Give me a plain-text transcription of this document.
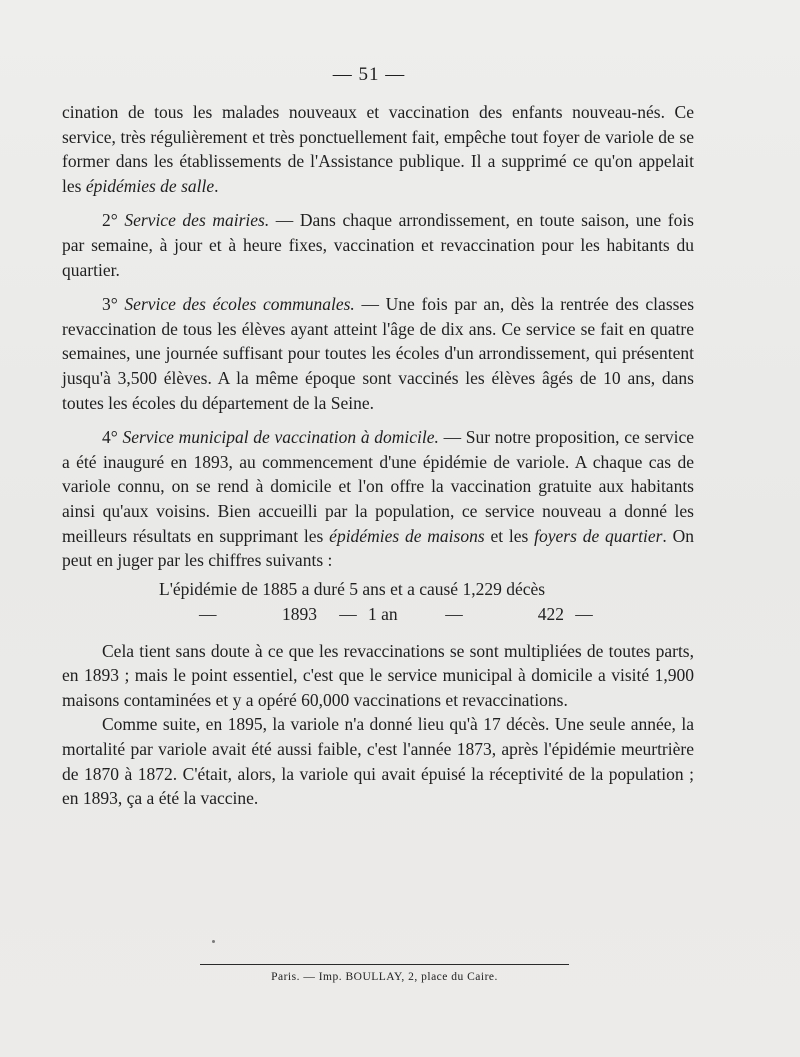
— 51 —

cination de tous les malades nouveaux et vaccination des enfants nouveau-nés. Ce service, très régulièrement et très ponctuellement fait, empêche tout foyer de variole de se former dans les établissements de l'Assistance publique. Il a supprimé ce qu'on appelait les épidémies de salle.

2° Service des mairies. — Dans chaque arrondissement, en toute saison, une fois par semaine, à jour et à heure fixes, vaccination et revaccination pour les habitants du quartier.

3° Service des écoles communales. — Une fois par an, dès la rentrée des classes revaccination de tous les élèves ayant atteint l'âge de dix ans. Ce service se fait en quatre semaines, une journée suffisant pour toutes les écoles d'un arrondissement, qui présentent jusqu'à 3,500 élèves. A la même époque sont vaccinés les élèves âgés de 10 ans, dans toutes les écoles du département de la Seine.

4° Service municipal de vaccination à domicile. — Sur notre proposition, ce service a été inauguré en 1893, au commencement d'une épidémie de variole. A chaque cas de variole connu, on se rend à domicile et l'on offre la vaccination gratuite aux habitants ainsi qu'aux voisins. Bien accueilli par la population, ce service nouveau a donné les meilleurs résultats en supprimant les épidémies de maisons et les foyers de quartier. On peut en juger par les chiffres suivants :

L'épidémie de 1885 a duré 5 ans et a causé 1,229 décès
—	1893	— 1 an	—	422 —

Cela tient sans doute à ce que les revaccinations se sont multipliées de toutes parts, en 1893 ; mais le point essentiel, c'est que le service municipal à domicile a visité 1,900 maisons contaminées et y a opéré 60,000 vaccinations et revaccinations.

Comme suite, en 1895, la variole n'a donné lieu qu'à 17 décès. Une seule année, la mortalité par variole avait été aussi faible, c'est l'année 1873, après l'épidémie meurtrière de 1870 à 1872. C'était, alors, la variole qui avait épuisé la réceptivité de la population ; en 1893, ça a été la vaccine.

Paris. — Imp. BOULLAY, 2, place du Caire.
